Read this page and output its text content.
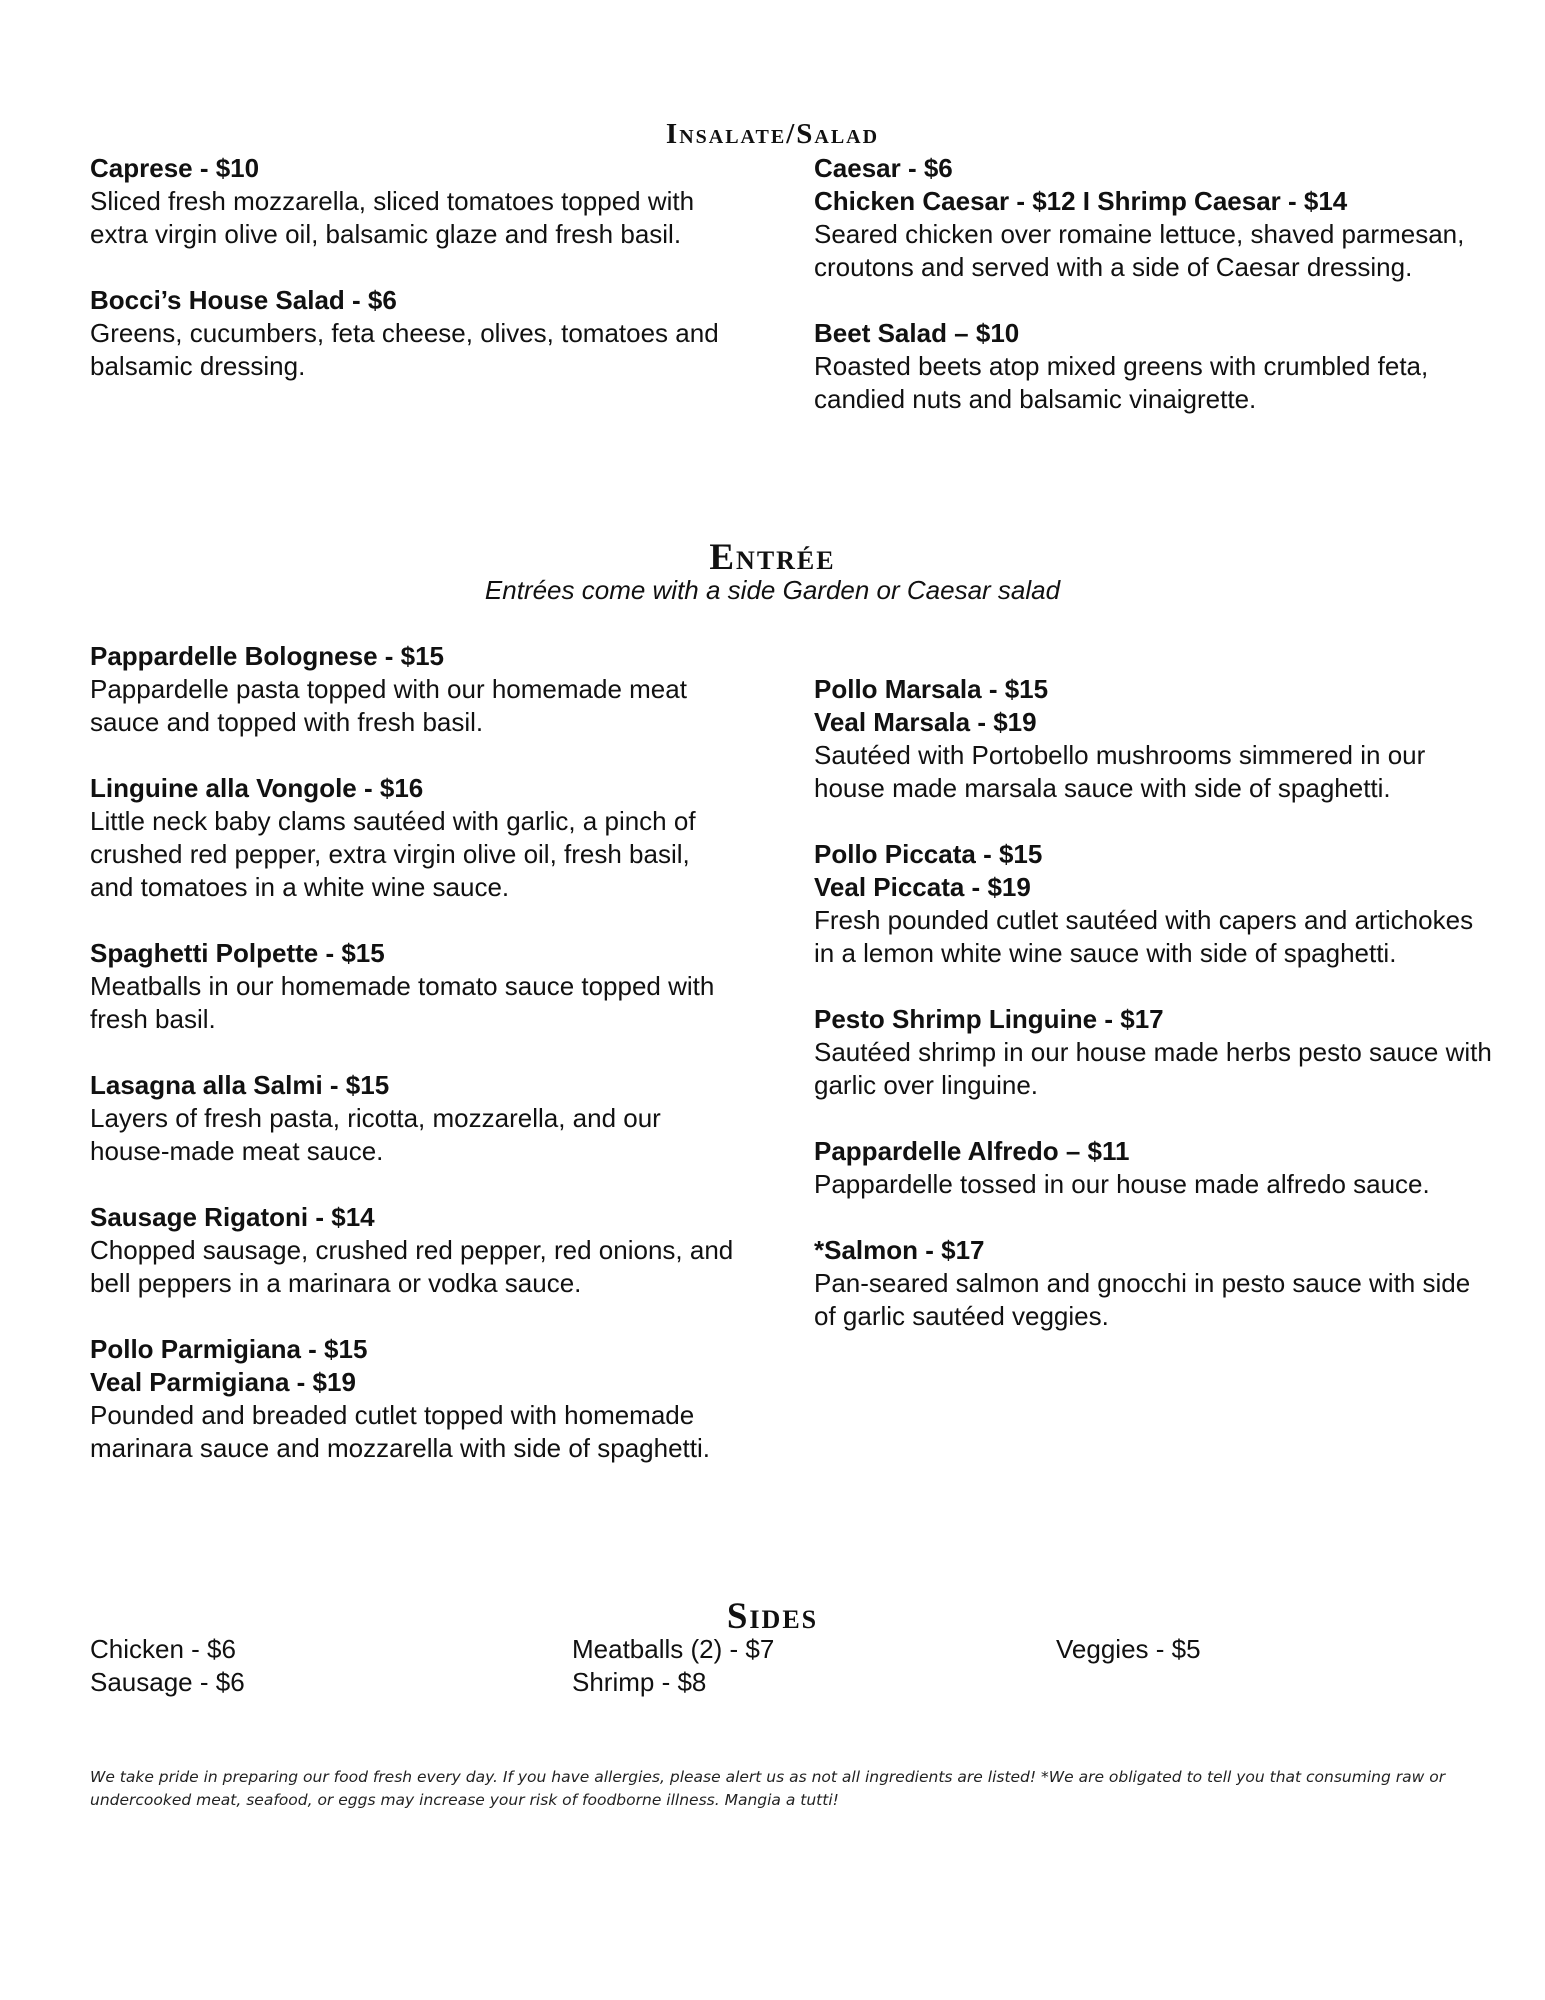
Insalate/Salad
Caprese - $10
Sliced fresh mozzarella, sliced tomatoes topped with extra virgin olive oil, balsamic glaze and fresh basil.
Bocci’s House Salad - $6
Greens, cucumbers, feta cheese, olives, tomatoes and balsamic dressing.
Caesar - $6
Chicken Caesar - $12 I Shrimp Caesar - $14
Seared chicken over romaine lettuce, shaved parmesan, croutons and served with a side of Caesar dressing.
Beet Salad – $10
Roasted beets atop mixed greens with crumbled feta, candied nuts and balsamic vinaigrette.
Entrée
Entrées come with a side Garden or Caesar salad
Pappardelle Bolognese - $15
Pappardelle pasta topped with our homemade meat sauce and topped with fresh basil.
Linguine alla Vongole - $16
Little neck baby clams sautéed with garlic, a pinch of crushed red pepper, extra virgin olive oil, fresh basil, and tomatoes in a white wine sauce.
Spaghetti Polpette - $15
Meatballs in our homemade tomato sauce topped with fresh basil.
Lasagna alla Salmi - $15
Layers of fresh pasta, ricotta, mozzarella, and our house-made meat sauce.
Sausage Rigatoni - $14
Chopped sausage, crushed red pepper, red onions, and bell peppers in a marinara or vodka sauce.
Pollo Parmigiana - $15
Veal Parmigiana - $19
Pounded and breaded cutlet topped with homemade marinara sauce and mozzarella with side of spaghetti.
Pollo Marsala - $15
Veal Marsala - $19
Sautéed with Portobello mushrooms simmered in our house made marsala sauce with side of spaghetti.
Pollo Piccata - $15
Veal Piccata - $19
Fresh pounded cutlet sautéed with capers and artichokes in a lemon white wine sauce with side of spaghetti.
Pesto Shrimp Linguine - $17
Sautéed shrimp in our house made herbs pesto sauce with garlic over linguine.
Pappardelle Alfredo – $11
Pappardelle tossed in our house made alfredo sauce.
*Salmon - $17
Pan-seared salmon and gnocchi in pesto sauce with side of garlic sautéed veggies.
Sides
Chicken - $6
Sausage - $6
Meatballs (2) - $7
Shrimp - $8
Veggies - $5
We take pride in preparing our food fresh every day. If you have allergies, please alert us as not all ingredients are listed! *We are obligated to tell you that consuming raw or undercooked meat, seafood, or eggs may increase your risk of foodborne illness. Mangia a tutti!
